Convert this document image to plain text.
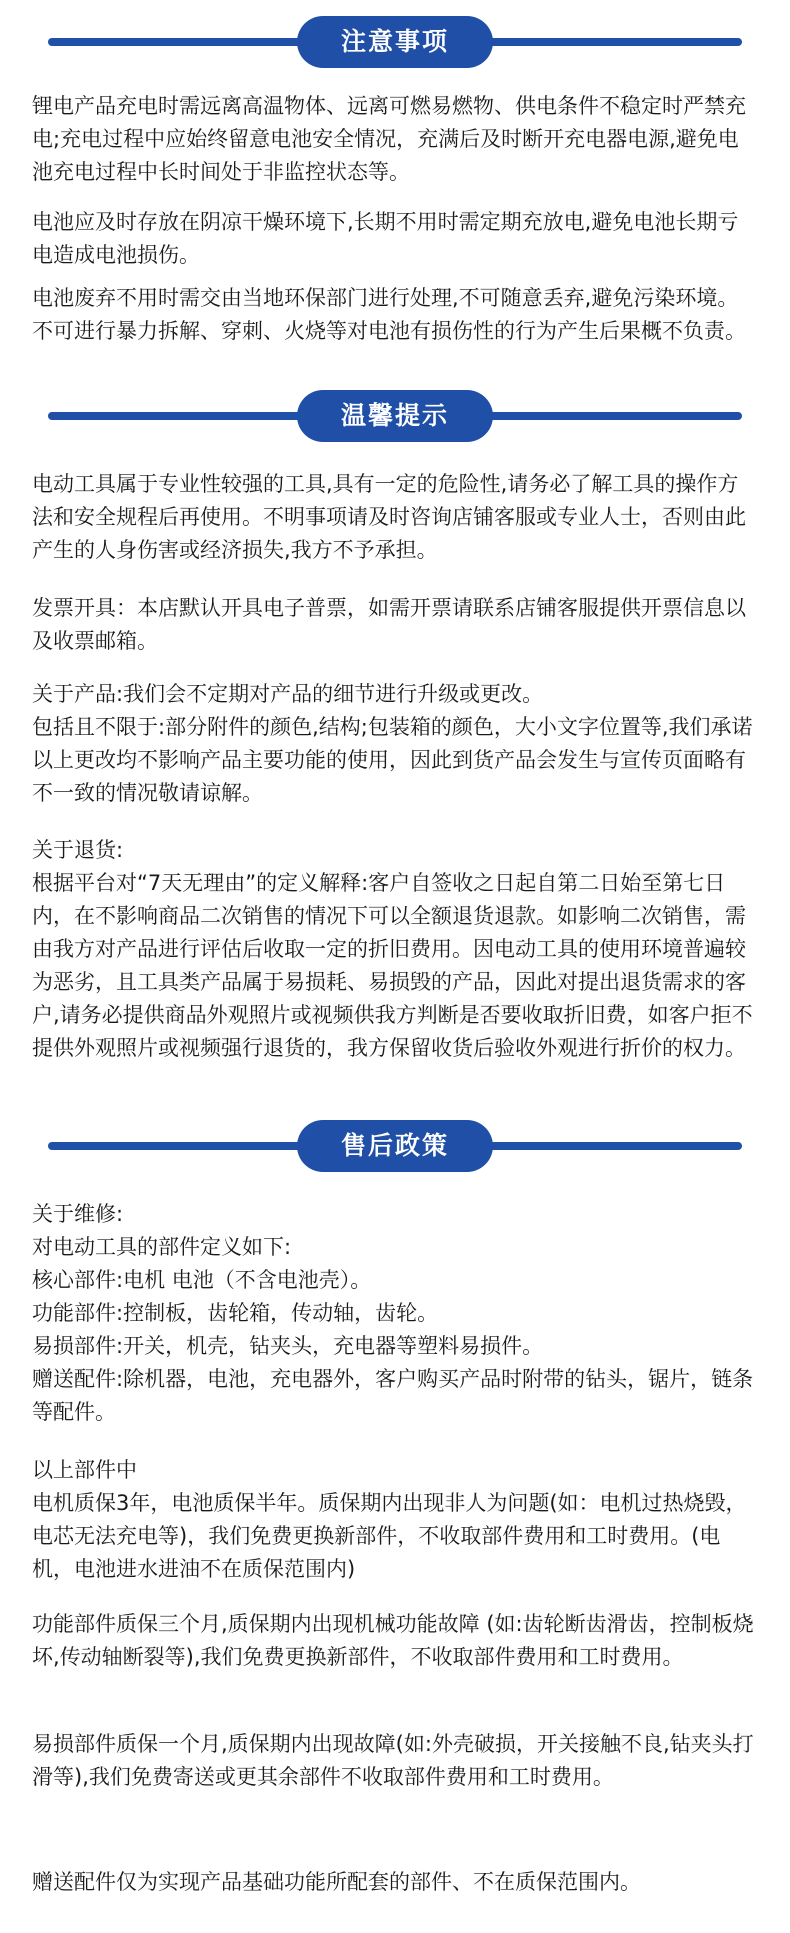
注意事项

锂电产品充电时需远离高温物体、远离可燃易燃物、供电条件不稳定时严禁充电;充电过程中应始终留意电池安全情况，充满后及时断开充电器电源,避免电池充电过程中长时间处于非监控状态等。

电池应及时存放在阴凉干燥环境下,长期不用时需定期充放电,避免电池长期亏电造成电池损伤。

电池废弃不用时需交由当地环保部门进行处理,不可随意丢弃,避免污染环境。不可进行暴力拆解、穿刺、火烧等对电池有损伤性的行为产生后果概不负责。

温馨提示

电动工具属于专业性较强的工具,具有一定的危险性,请务必了解工具的操作方法和安全规程后再使用。不明事项请及时咨询店铺客服或专业人士，否则由此产生的人身伤害或经济损失,我方不予承担。

发票开具：本店默认开具电子普票，如需开票请联系店铺客服提供开票信息以及收票邮箱。

关于产品:我们会不定期对产品的细节进行升级或更改。
包括且不限于:部分附件的颜色,结构;包装箱的颜色，大小文字位置等,我们承诺以上更改均不影响产品主要功能的使用，因此到货产品会发生与宣传页面略有不一致的情况敬请谅解。

关于退货:
根据平台对“7天无理由”的定义解释:客户自签收之日起自第二日始至第七日内，在不影响商品二次销售的情况下可以全额退货退款。如影响二次销售，需由我方对产品进行评估后收取一定的折旧费用。因电动工具的使用环境普遍较为恶劣，且工具类产品属于易损耗、易损毁的产品，因此对提出退货需求的客户,请务必提供商品外观照片或视频供我方判断是否要收取折旧费，如客户拒不提供外观照片或视频强行退货的，我方保留收货后验收外观进行折价的权力。

售后政策

关于维修:
对电动工具的部件定义如下:
核心部件:电机 电池（不含电池壳）。
功能部件:控制板，齿轮箱，传动轴，齿轮。
易损部件:开关，机壳，钻夹头，充电器等塑料易损件。
赠送配件:除机器，电池，充电器外，客户购买产品时附带的钻头，锯片，链条等配件。

以上部件中
电机质保3年，电池质保半年。质保期内出现非人为问题(如：电机过热烧毁，电芯无法充电等)，我们免费更换新部件，不收取部件费用和工时费用。(电机，电池进水进油不在质保范围内)

功能部件质保三个月,质保期内出现机械功能故障 (如:齿轮断齿滑齿，控制板烧坏,传动轴断裂等),我们免费更换新部件，不收取部件费用和工时费用。

易损部件质保一个月,质保期内出现故障(如:外壳破损，开关接触不良,钻夹头打滑等),我们免费寄送或更其余部件不收取部件费用和工时费用。

赠送配件仅为实现产品基础功能所配套的部件、不在质保范围内。
